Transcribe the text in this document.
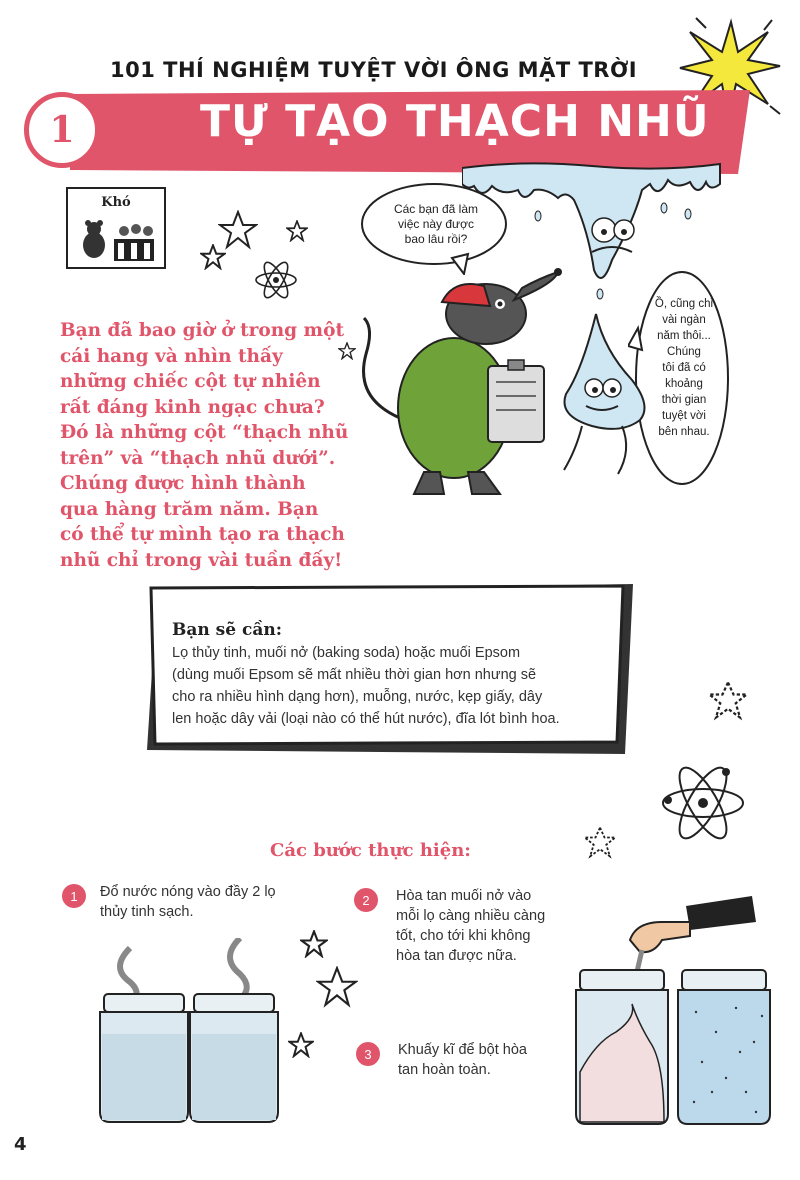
101 THÍ NGHIỆM TUYỆT VỜI ÔNG MẶT TRỜI
1	TỰ TẠO THẠCH NHŨ
Khó	Các bạn đã làm
việc này được
bao lâu rồi?
Ồ, cũng chỉ
vài ngàn
năm thôi...
Chúng
tôi đã có
khoảng
thời gian
tuyệt vời
bên nhau.
Bạn đã bao giờ ở trong một
cái hang và nhìn thấy
những chiếc cột tự nhiên
rất đáng kinh ngạc chưa?
Đó là những cột “thạch nhũ
trên” và “thạch nhũ dưới”.
Chúng được hình thành
qua hàng trăm năm. Bạn
có thể tự mình tạo ra thạch
nhũ chỉ trong vài tuần đấy!
Bạn sẽ cần:
Lọ thủy tinh, muối nở (baking soda) hoặc muối Epsom
(dùng muối Epsom sẽ mất nhiều thời gian hơn nhưng sẽ
cho ra nhiều hình dạng hơn), muỗng, nước, kẹp giấy, dây
len hoặc dây vải (loại nào có thể hút nước), đĩa lót bình hoa.
Các bước thực hiện:
1	Đổ nước nóng vào đầy 2 lọ
thủy tinh sạch.
2	Hòa tan muối nở vào
mỗi lọ càng nhiều càng
tốt, cho tới khi không
hòa tan được nữa.
3	Khuấy kĩ để bột hòa
tan hoàn toàn.
4
